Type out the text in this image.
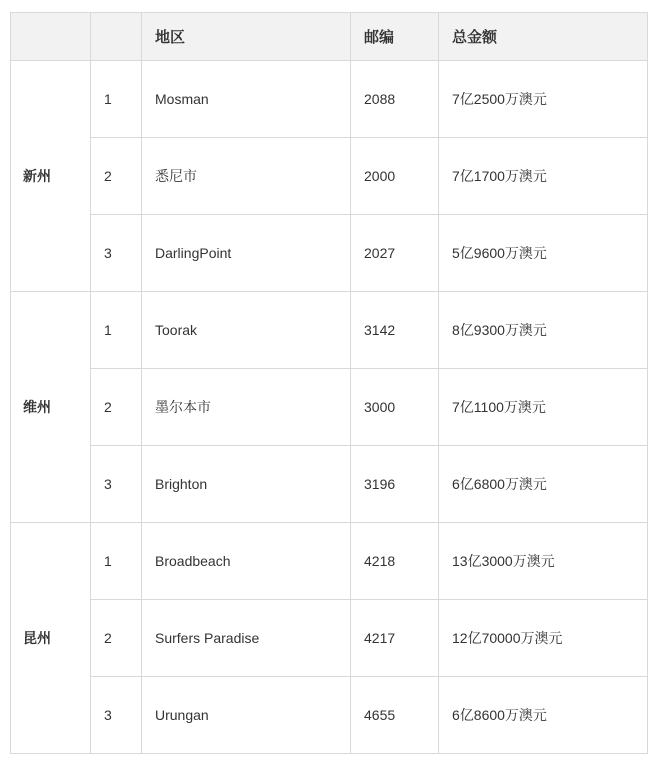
		地区	邮编	总金额
新州	1	Mosman	2088	7亿2500万澳元
	2	悉尼市	2000	7亿1700万澳元
	3	DarlingPoint	2027	5亿9600万澳元
维州	1	Toorak	3142	8亿9300万澳元
	2	墨尔本市	3000	7亿1100万澳元
	3	Brighton	3196	6亿6800万澳元
昆州	1	Broadbeach	4218	13亿3000万澳元
	2	Surfers Paradise	4217	12亿70000万澳元
	3	Urungan	4655	6亿8600万澳元
